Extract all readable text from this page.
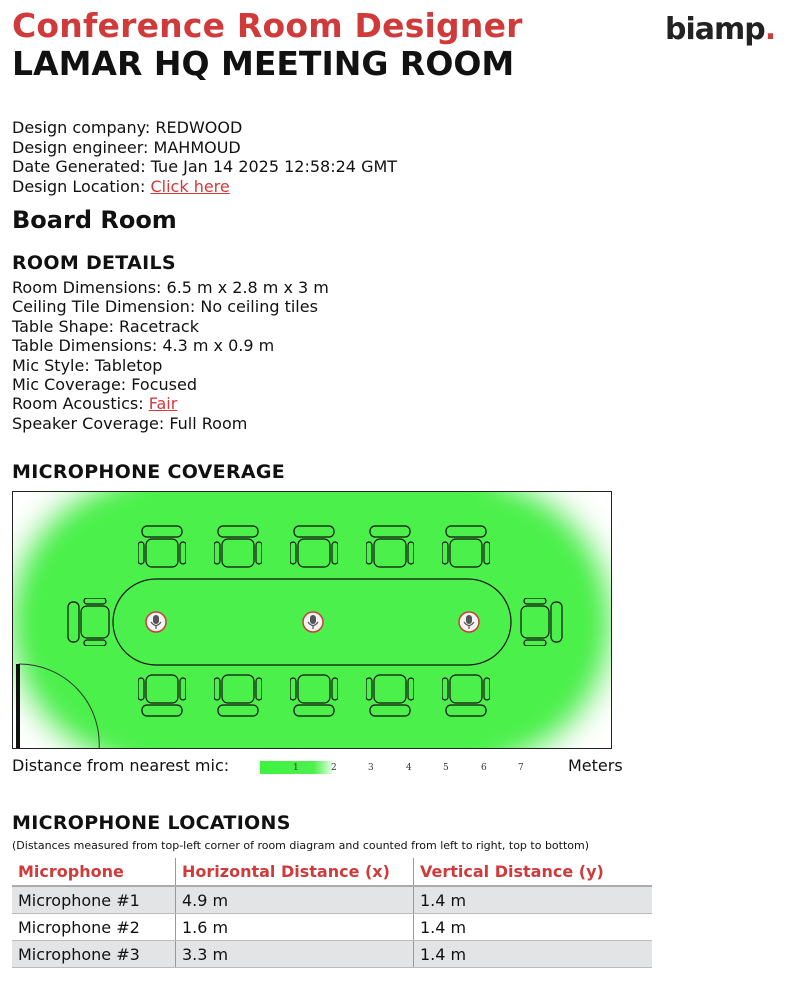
Conference Room Designer
LAMAR HQ MEETING ROOM
biamp.
Design company: REDWOOD
Design engineer: MAHMOUD
Date Generated: Tue Jan 14 2025 12:58:24 GMT
Design Location: Click here
Board Room
ROOM DETAILS
Room Dimensions: 6.5 m x 2.8 m x 3 m
Ceiling Tile Dimension: No ceiling tiles
Table Shape: Racetrack
Table Dimensions: 4.3 m x 0.9 m
Mic Style: Tabletop
Mic Coverage: Focused
Room Acoustics: Fair
Speaker Coverage: Full Room
MICROPHONE COVERAGE
Distance from nearest mic:	1	2	3	4	5	6	7	Meters
MICROPHONE LOCATIONS
(Distances measured from top-left corner of room diagram and counted from left to right, top to bottom)
Microphone	Horizontal Distance (x)	Vertical Distance (y)
Microphone #1	4.9 m	1.4 m
Microphone #2	1.6 m	1.4 m
Microphone #3	3.3 m	1.4 m
